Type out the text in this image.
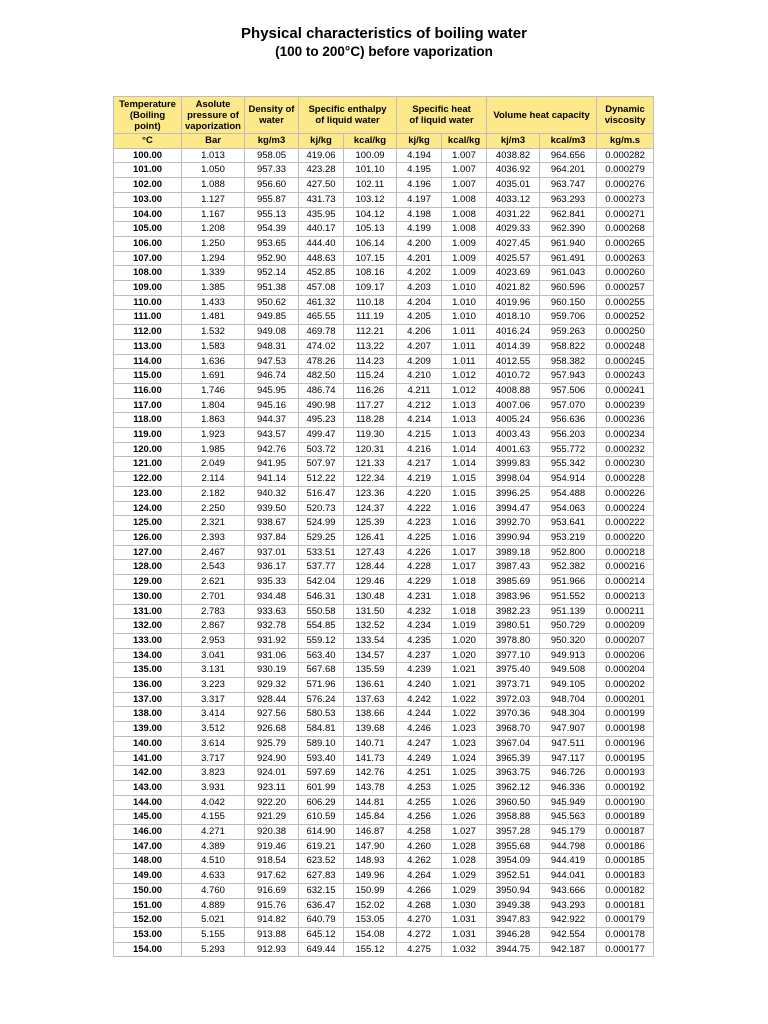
Physical characteristics of boiling water
(100 to 200°C) before vaporization
Temperature
(Boiling
point)	Asolute
pressure of
vaporization	Density of
water	Specific enthalpy
of liquid water		Specific heat
of liquid water		Volume heat capacity		Dynamic
viscosity
°C	Bar	kg/m3	kj/kg	kcal/kg	kj/kg	kcal/kg	kj/m3	kcal/m3	kg/m.s
100.00	1.013	958.05	419.06	100.09	4.194	1.007	4038.82	964.656	0.000282
101.00	1.050	957.33	423.28	101.10	4.195	1.007	4036.92	964.201	0.000279
102.00	1.088	956.60	427.50	102.11	4.196	1.007	4035.01	963.747	0.000276
103.00	1.127	955.87	431.73	103.12	4.197	1.008	4033.12	963.293	0.000273
104.00	1.167	955.13	435.95	104.12	4.198	1.008	4031.22	962.841	0.000271
105.00	1.208	954.39	440.17	105.13	4.199	1.008	4029.33	962.390	0.000268
106.00	1.250	953.65	444.40	106.14	4.200	1.009	4027.45	961.940	0.000265
107.00	1.294	952.90	448.63	107.15	4.201	1.009	4025.57	961.491	0.000263
108.00	1.339	952.14	452.85	108.16	4.202	1.009	4023.69	961.043	0.000260
109.00	1.385	951.38	457.08	109.17	4.203	1.010	4021.82	960.596	0.000257
110.00	1.433	950.62	461.32	110.18	4.204	1.010	4019.96	960.150	0.000255
111.00	1.481	949.85	465.55	111.19	4.205	1.010	4018.10	959.706	0.000252
112.00	1.532	949.08	469.78	112.21	4.206	1.011	4016.24	959.263	0.000250
113.00	1.583	948.31	474.02	113.22	4.207	1.011	4014.39	958.822	0.000248
114.00	1.636	947.53	478.26	114.23	4.209	1.011	4012.55	958.382	0.000245
115.00	1.691	946.74	482.50	115.24	4.210	1.012	4010.72	957.943	0.000243
116.00	1.746	945.95	486.74	116.26	4.211	1.012	4008.88	957.506	0.000241
117.00	1.804	945.16	490.98	117.27	4.212	1.013	4007.06	957.070	0.000239
118.00	1.863	944.37	495.23	118.28	4.214	1.013	4005.24	956.636	0.000236
119.00	1.923	943.57	499.47	119.30	4.215	1.013	4003.43	956.203	0.000234
120.00	1.985	942.76	503.72	120.31	4.216	1.014	4001.63	955.772	0.000232
121.00	2.049	941.95	507.97	121.33	4.217	1.014	3999.83	955.342	0.000230
122.00	2.114	941.14	512.22	122.34	4.219	1.015	3998.04	954.914	0.000228
123.00	2.182	940.32	516.47	123.36	4.220	1.015	3996.25	954.488	0.000226
124.00	2.250	939.50	520.73	124.37	4.222	1.016	3994.47	954.063	0.000224
125.00	2.321	938.67	524.99	125.39	4.223	1.016	3992.70	953.641	0.000222
126.00	2.393	937.84	529.25	126.41	4.225	1.016	3990.94	953.219	0.000220
127.00	2.467	937.01	533.51	127.43	4.226	1.017	3989.18	952.800	0.000218
128.00	2.543	936.17	537.77	128.44	4.228	1.017	3987.43	952.382	0.000216
129.00	2.621	935.33	542.04	129.46	4.229	1.018	3985.69	951.966	0.000214
130.00	2.701	934.48	546.31	130.48	4.231	1.018	3983.96	951.552	0.000213
131.00	2.783	933.63	550.58	131.50	4.232	1.018	3982.23	951.139	0.000211
132.00	2.867	932.78	554.85	132.52	4.234	1.019	3980.51	950.729	0.000209
133.00	2.953	931.92	559.12	133.54	4.235	1.020	3978.80	950.320	0.000207
134.00	3.041	931.06	563.40	134.57	4.237	1.020	3977.10	949.913	0.000206
135.00	3.131	930.19	567.68	135.59	4.239	1.021	3975.40	949.508	0.000204
136.00	3.223	929.32	571.96	136.61	4.240	1.021	3973.71	949.105	0.000202
137.00	3.317	928.44	576.24	137.63	4.242	1.022	3972.03	948.704	0.000201
138.00	3.414	927.56	580.53	138.66	4.244	1.022	3970.36	948.304	0.000199
139.00	3.512	926.68	584.81	139.68	4.246	1.023	3968.70	947.907	0.000198
140.00	3.614	925.79	589.10	140.71	4.247	1.023	3967.04	947.511	0.000196
141.00	3.717	924.90	593.40	141.73	4.249	1.024	3965.39	947.117	0.000195
142.00	3.823	924.01	597.69	142.76	4.251	1.025	3963.75	946.726	0.000193
143.00	3.931	923.11	601.99	143.78	4.253	1.025	3962.12	946.336	0.000192
144.00	4.042	922.20	606.29	144.81	4.255	1.026	3960.50	945.949	0.000190
145.00	4.155	921.29	610.59	145.84	4.256	1.026	3958.88	945.563	0.000189
146.00	4.271	920.38	614.90	146.87	4.258	1.027	3957.28	945.179	0.000187
147.00	4.389	919.46	619.21	147.90	4.260	1.028	3955.68	944.798	0.000186
148.00	4.510	918.54	623.52	148.93	4.262	1.028	3954.09	944.419	0.000185
149.00	4.633	917.62	627.83	149.96	4.264	1.029	3952.51	944.041	0.000183
150.00	4.760	916.69	632.15	150.99	4.266	1.029	3950.94	943.666	0.000182
151.00	4.889	915.76	636.47	152.02	4.268	1.030	3949.38	943.293	0.000181
152.00	5.021	914.82	640.79	153.05	4.270	1.031	3947.83	942.922	0.000179
153.00	5.155	913.88	645.12	154.08	4.272	1.031	3946.28	942.554	0.000178
154.00	5.293	912.93	649.44	155.12	4.275	1.032	3944.75	942.187	0.000177
